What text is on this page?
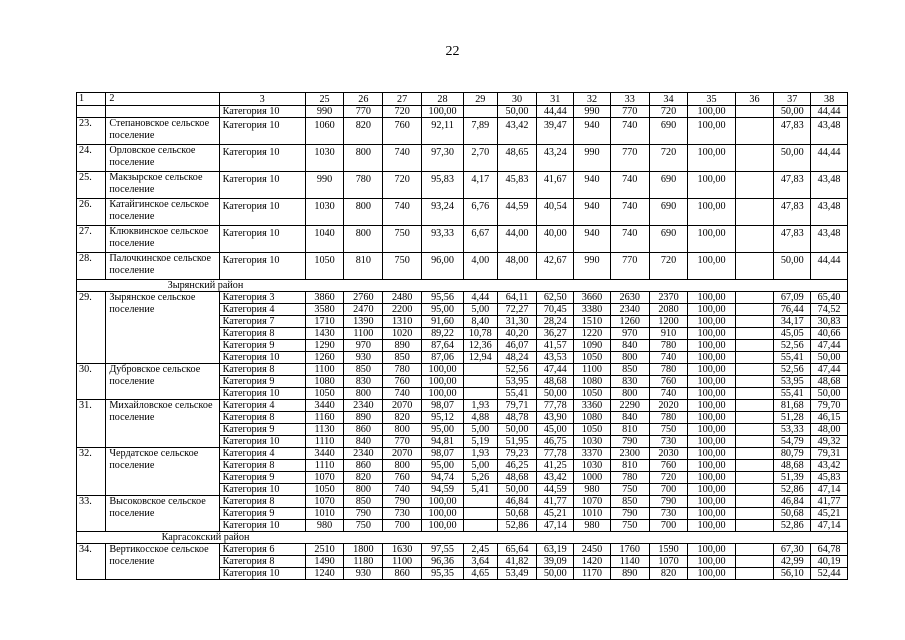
22
1	2	3	25	26	27	28	29	30	31	32	33	34	35	36	37	38
		Категория 10	990	770	720	100,00		50,00	44,44	990	770	720	100,00		50,00	44,44
23.	Степановское сельское поселение	Категория 10	1060	820	760	92,11	7,89	43,42	39,47	940	740	690	100,00		47,83	43,48
24.	Орловское сельское поселение	Категория 10	1030	800	740	97,30	2,70	48,65	43,24	990	770	720	100,00		50,00	44,44
25.	Макзырское сельское поселение	Категория 10	990	780	720	95,83	4,17	45,83	41,67	940	740	690	100,00		47,83	43,48
26.	Катайгинское сельское поселение	Категория 10	1030	800	740	93,24	6,76	44,59	40,54	940	740	690	100,00		47,83	43,48
27.	Клюквинское сельское поселение	Категория 10	1040	800	750	93,33	6,67	44,00	40,00	940	740	690	100,00		47,83	43,48
28.	Палочкинское сельское поселение	Категория 10	1050	810	750	96,00	4,00	48,00	42,67	990	770	720	100,00		50,00	44,44
	Зырянский район															
29.	Зырянское сельское поселение	Категория 3	3860	2760	2480	95,56	4,44	64,11	62,50	3660	2630	2370	100,00		67,09	65,40
		Категория 4	3580	2470	2200	95,00	5,00	72,27	70,45	3380	2340	2080	100,00		76,44	74,52
		Категория 7	1710	1390	1310	91,60	8,40	31,30	28,24	1510	1260	1200	100,00		34,17	30,83
		Категория 8	1430	1100	1020	89,22	10,78	40,20	36,27	1220	970	910	100,00		45,05	40,66
		Категория 9	1290	970	890	87,64	12,36	46,07	41,57	1090	840	780	100,00		52,56	47,44
		Категория 10	1260	930	850	87,06	12,94	48,24	43,53	1050	800	740	100,00		55,41	50,00
30.	Дубровское сельское поселение	Категория 8	1100	850	780	100,00		52,56	47,44	1100	850	780	100,00		52,56	47,44
		Категория 9	1080	830	760	100,00		53,95	48,68	1080	830	760	100,00		53,95	48,68
		Категория 10	1050	800	740	100,00		55,41	50,00	1050	800	740	100,00		55,41	50,00
31.	Михайловское сельское поселение	Категория 4	3440	2340	2070	98,07	1,93	79,71	77,78	3360	2290	2020	100,00		81,68	79,70
		Категория 8	1160	890	820	95,12	4,88	48,78	43,90	1080	840	780	100,00		51,28	46,15
		Категория 9	1130	860	800	95,00	5,00	50,00	45,00	1050	810	750	100,00		53,33	48,00
		Категория 10	1110	840	770	94,81	5,19	51,95	46,75	1030	790	730	100,00		54,79	49,32
32.	Чердатское сельское поселение	Категория 4	3440	2340	2070	98,07	1,93	79,23	77,78	3370	2300	2030	100,00		80,79	79,31
		Категория 8	1110	860	800	95,00	5,00	46,25	41,25	1030	810	760	100,00		48,68	43,42
		Категория 9	1070	820	760	94,74	5,26	48,68	43,42	1000	780	720	100,00		51,39	45,83
		Категория 10	1050	800	740	94,59	5,41	50,00	44,59	980	750	700	100,00		52,86	47,14
33.	Высоковское сельское поселение	Категория 8	1070	850	790	100,00		46,84	41,77	1070	850	790	100,00		46,84	41,77
		Категория 9	1010	790	730	100,00		50,68	45,21	1010	790	730	100,00		50,68	45,21
		Категория 10	980	750	700	100,00		52,86	47,14	980	750	700	100,00		52,86	47,14
	Каргасокский район															
34.	Вертикосское сельское поселение	Категория 6	2510	1800	1630	97,55	2,45	65,64	63,19	2450	1760	1590	100,00		67,30	64,78
		Категория 8	1490	1180	1100	96,36	3,64	41,82	39,09	1420	1140	1070	100,00		42,99	40,19
		Категория 10	1240	930	860	95,35	4,65	53,49	50,00	1170	890	820	100,00		56,10	52,44
